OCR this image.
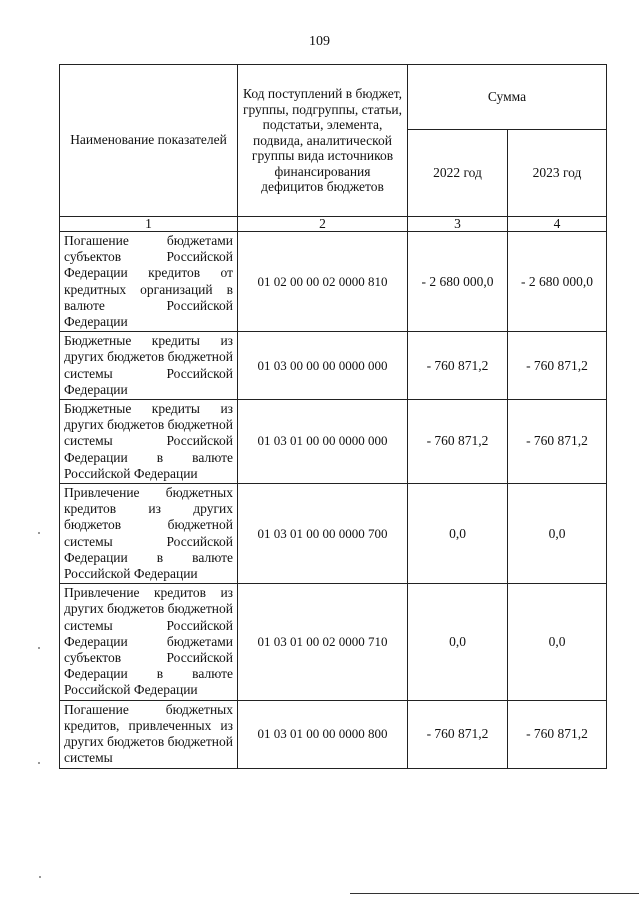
109
Наименование показателей	Код поступлений в бюджет, группы, подгруппы, статьи, подстатьи, элемента, подвида, аналитической группы вида источников финансирования дефицитов бюджетов	Сумма	
		2022 год	2023 год
1	2	3	4
Погашение бюджетами субъектов Российской Федерации кредитов от кредитных организаций в валюте Российской Федерации	01 02 00 00 02 0000 810	- 2 680 000,0	- 2 680 000,0
Бюджетные кредиты из других бюджетов бюджетной системы Российской Федерации	01 03 00 00 00 0000 000	- 760 871,2	- 760 871,2
Бюджетные кредиты из других бюджетов бюджетной системы Российской Федерации в валюте Российской Федерации	01 03 01 00 00 0000 000	- 760 871,2	- 760 871,2
Привлечение бюджетных кредитов из других бюджетов бюджетной системы Российской Федерации в валюте Российской Федерации	01 03 01 00 00 0000 700	0,0	0,0
Привлечение кредитов из других бюджетов бюджетной системы Российской Федерации бюджетами субъектов Российской Федерации в валюте Российской Федерации	01 03 01 00 02 0000 710	0,0	0,0
Погашение бюджетных кредитов, привлеченных из других бюджетов бюджетной системы	01 03 01 00 00 0000 800	- 760 871,2	- 760 871,2
